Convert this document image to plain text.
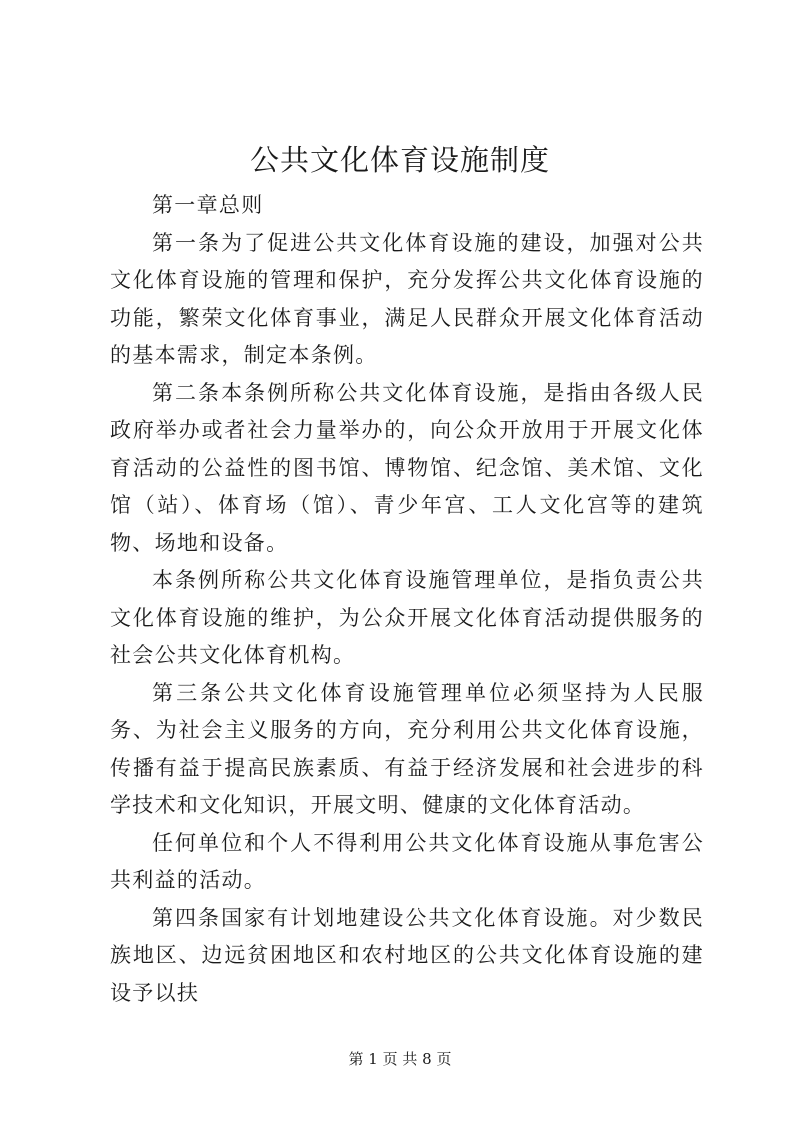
公共文化体育设施制度

第一章总则

第一条为了促进公共文化体育设施的建设，加强对公共文化体育设施的管理和保护，充分发挥公共文化体育设施的功能，繁荣文化体育事业，满足人民群众开展文化体育活动的基本需求，制定本条例。

第二条本条例所称公共文化体育设施，是指由各级人民政府举办或者社会力量举办的，向公众开放用于开展文化体育活动的公益性的图书馆、博物馆、纪念馆、美术馆、文化馆（站）、体育场（馆）、青少年宫、工人文化宫等的建筑物、场地和设备。

本条例所称公共文化体育设施管理单位，是指负责公共文化体育设施的维护，为公众开展文化体育活动提供服务的社会公共文化体育机构。

第三条公共文化体育设施管理单位必须坚持为人民服务、为社会主义服务的方向，充分利用公共文化体育设施，传播有益于提高民族素质、有益于经济发展和社会进步的科学技术和文化知识，开展文明、健康的文化体育活动。

任何单位和个人不得利用公共文化体育设施从事危害公共利益的活动。

第四条国家有计划地建设公共文化体育设施。对少数民族地区、边远贫困地区和农村地区的公共文化体育设施的建设予以扶

第 1 页 共 8 页
